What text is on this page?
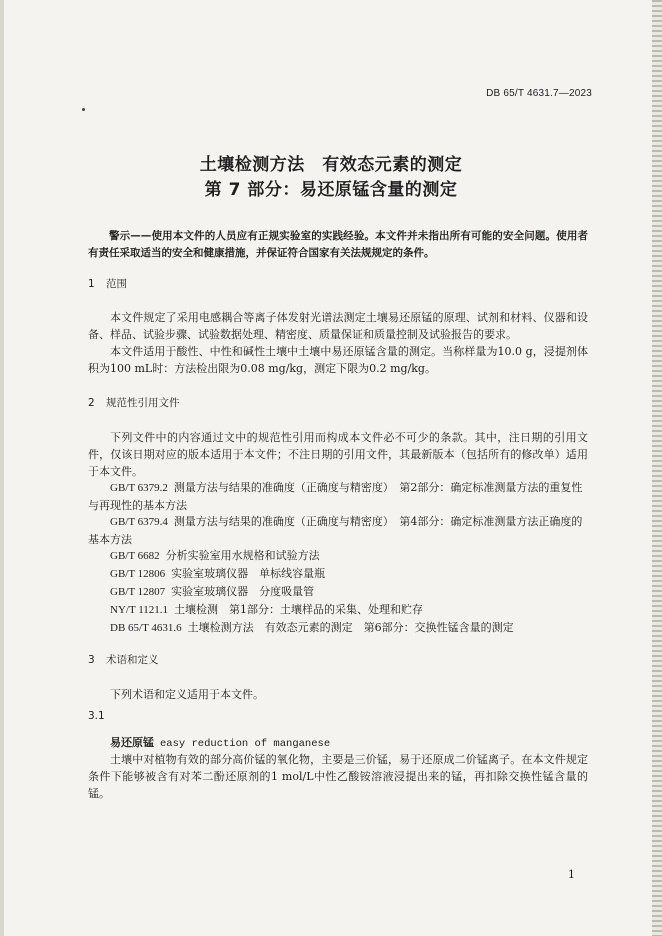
DB 65/T 4631.7—2023
土壤检测方法　有效态元素的测定
第 7 部分：易还原锰含量的测定
警示——使用本文件的人员应有正规实验室的实践经验。本文件并未指出所有可能的安全问题。使用者有责任采取适当的安全和健康措施，并保证符合国家有关法规规定的条件。
1 范围
本文件规定了采用电感耦合等离子体发射光谱法测定土壤易还原锰的原理、试剂和材料、仪器和设备、样品、试验步骤、试验数据处理、精密度、质量保证和质量控制及试验报告的要求。
本文件适用于酸性、中性和碱性土壤中土壤中易还原锰含量的测定。当称样量为10.0 g，浸提剂体积为100 mL时：方法检出限为0.08 mg/kg，测定下限为0.2 mg/kg。
2 规范性引用文件
下列文件中的内容通过文中的规范性引用而构成本文件必不可少的条款。其中，注日期的引用文件，仅该日期对应的版本适用于本文件；不注日期的引用文件，其最新版本（包括所有的修改单）适用于本文件。
GB/T 6379.2 测量方法与结果的准确度（正确度与精密度）　第2部分：确定标准测量方法的重复性与再现性的基本方法
GB/T 6379.4 测量方法与结果的准确度（正确度与精密度）　第4部分：确定标准测量方法正确度的基本方法
GB/T 6682 分析实验室用水规格和试验方法
GB/T 12806 实验室玻璃仪器　单标线容量瓶
GB/T 12807 实验室玻璃仪器　分度吸量管
NY/T 1121.1 土壤检测　第1部分：土壤样品的采集、处理和贮存
DB 65/T 4631.6 土壤检测方法　有效态元素的测定　第6部分：交换性锰含量的测定
3 术语和定义
下列术语和定义适用于本文件。
3.1
易还原锰 easy reduction of manganese
土壤中对植物有效的部分高价锰的氧化物，主要是三价锰，易于还原成二价锰离子。在本文件规定条件下能够被含有对苯二酚还原剂的1 mol/L中性乙酸铵溶液浸提出来的锰，再扣除交换性锰含量的锰。
1
